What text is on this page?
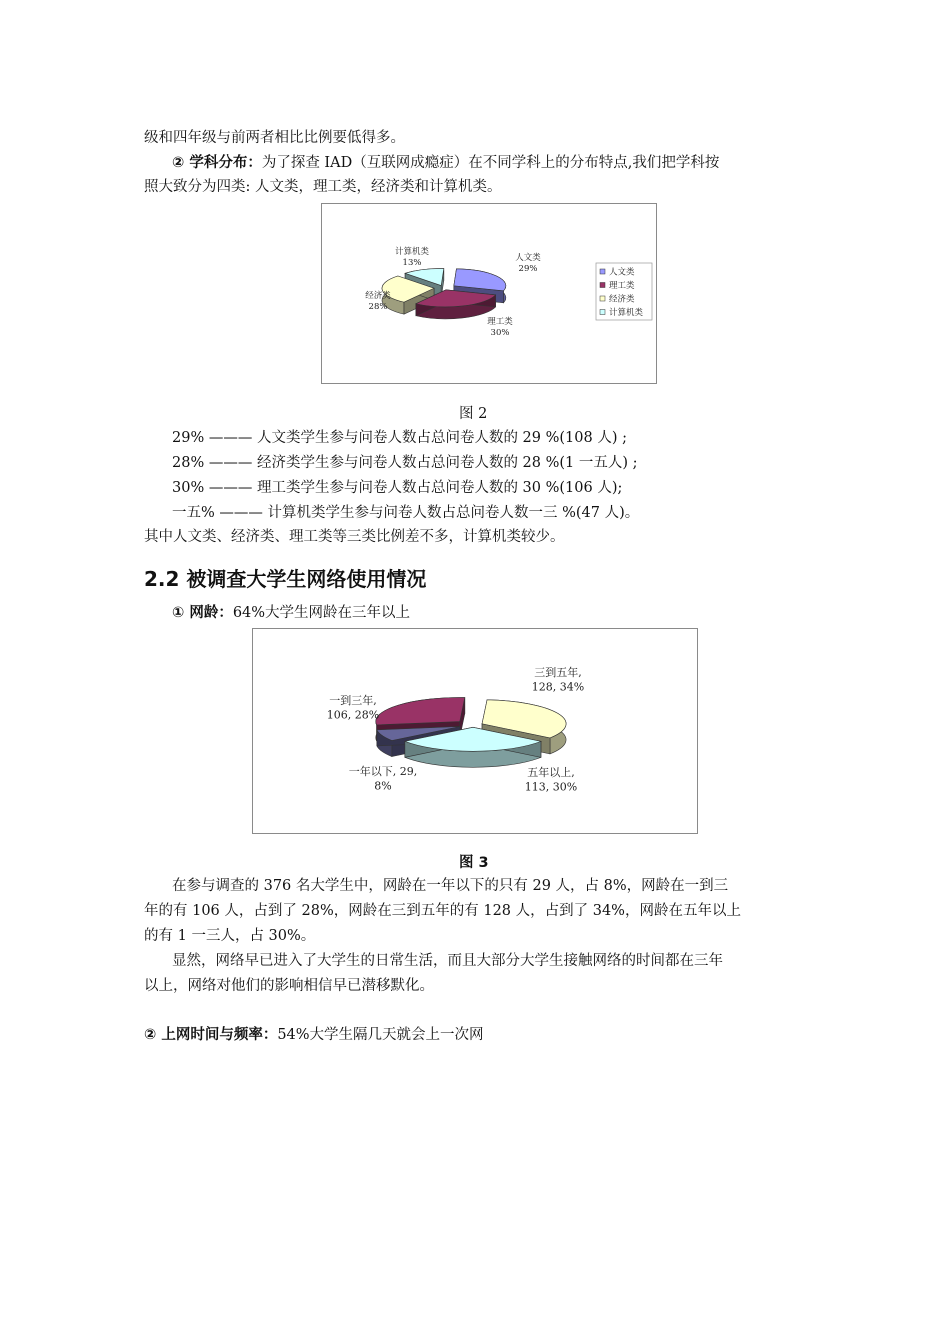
级和四年级与前两者相比比例要低得多。
② 学科分布：为了探查 IAD（互联网成瘾症）在不同学科上的分布特点,我们把学科按
照大致分为四类: 人文类，理工类，经济类和计算机类。
人文类 29%
理工类 30%
经济类 28%
计算机类 13%
人文类
理工类
经济类
计算机类
图 2
29% ——— 人文类学生参与问卷人数占总问卷人数的 29 %(108 人) ;
28% ——— 经济类学生参与问卷人数占总问卷人数的 28 %(1 一五人) ;
30% ——— 理工类学生参与问卷人数占总问卷人数的 30 %(106 人);
一五% ——— 计算机类学生参与问卷人数占总问卷人数一三 %(47 人)。
其中人文类、经济类、理工类等三类比例差不多，计算机类较少。
2.2 被调查大学生网络使用情况
① 网龄：64%大学生网龄在三年以上
三到五年, 128, 34%
五年以上, 113, 30%
一年以下, 29, 8%
一到三年, 106, 28%
图 3
在参与调查的 376 名大学生中，网龄在一年以下的只有 29 人，占 8%，网龄在一到三
年的有 106 人，占到了 28%，网龄在三到五年的有 128 人，占到了 34%，网龄在五年以上
的有 1 一三人，占 30%。
显然，网络早已进入了大学生的日常生活，而且大部分大学生接触网络的时间都在三年
以上，网络对他们的影响相信早已潜移默化。
② 上网时间与频率：54%大学生隔几天就会上一次网
